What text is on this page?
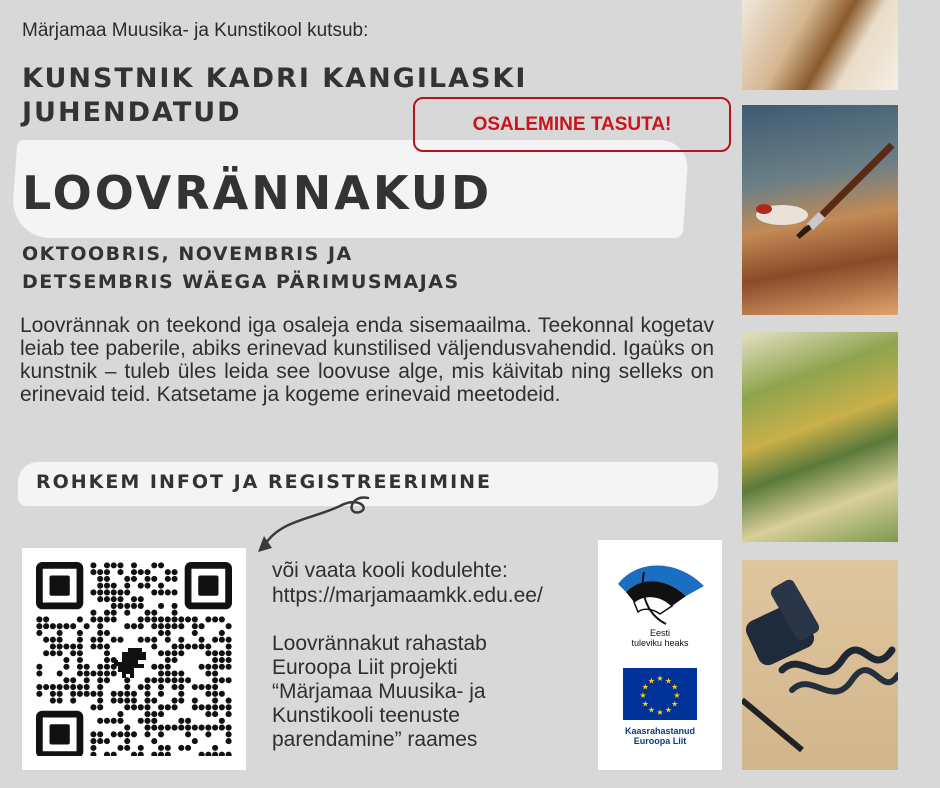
Märjamaa Muusika- ja Kunstikool kutsub:
KUNSTNIK KADRI KANGILASKI
JUHENDATUD	OSALEMINE TASUTA!
LOOVRÄNNAKUD
OKTOOBRIS, NOVEMBRIS JA
DETSEMBRIS WÄEGA PÄRIMUSMAJAS
Loovrännak on teekond iga osaleja enda sisemaailma. Teekonnal kogetav leiab tee paberile, abiks erinevad kunstilised väljendusvahendid. Igaüks on kunstnik – tuleb üles leida see loovuse alge, mis käivitab ning selleks on erinevaid teid. Katsetame ja kogeme erinevaid meetodeid.
ROHKEM INFOT JA REGISTREERIMINE
või vaata kooli kodulehte:
https://marjamaamkk.edu.ee/
Loovrännakut rahastab
Euroopa Liit projekti
“Märjamaa Muusika- ja
Kunstikooli teenuste
parendamine” raames
Eesti
tuleviku heaks
★ ★
★
★
★
★
★
★
★
★
★
★
Kaasrahastanud
Euroopa Liit
